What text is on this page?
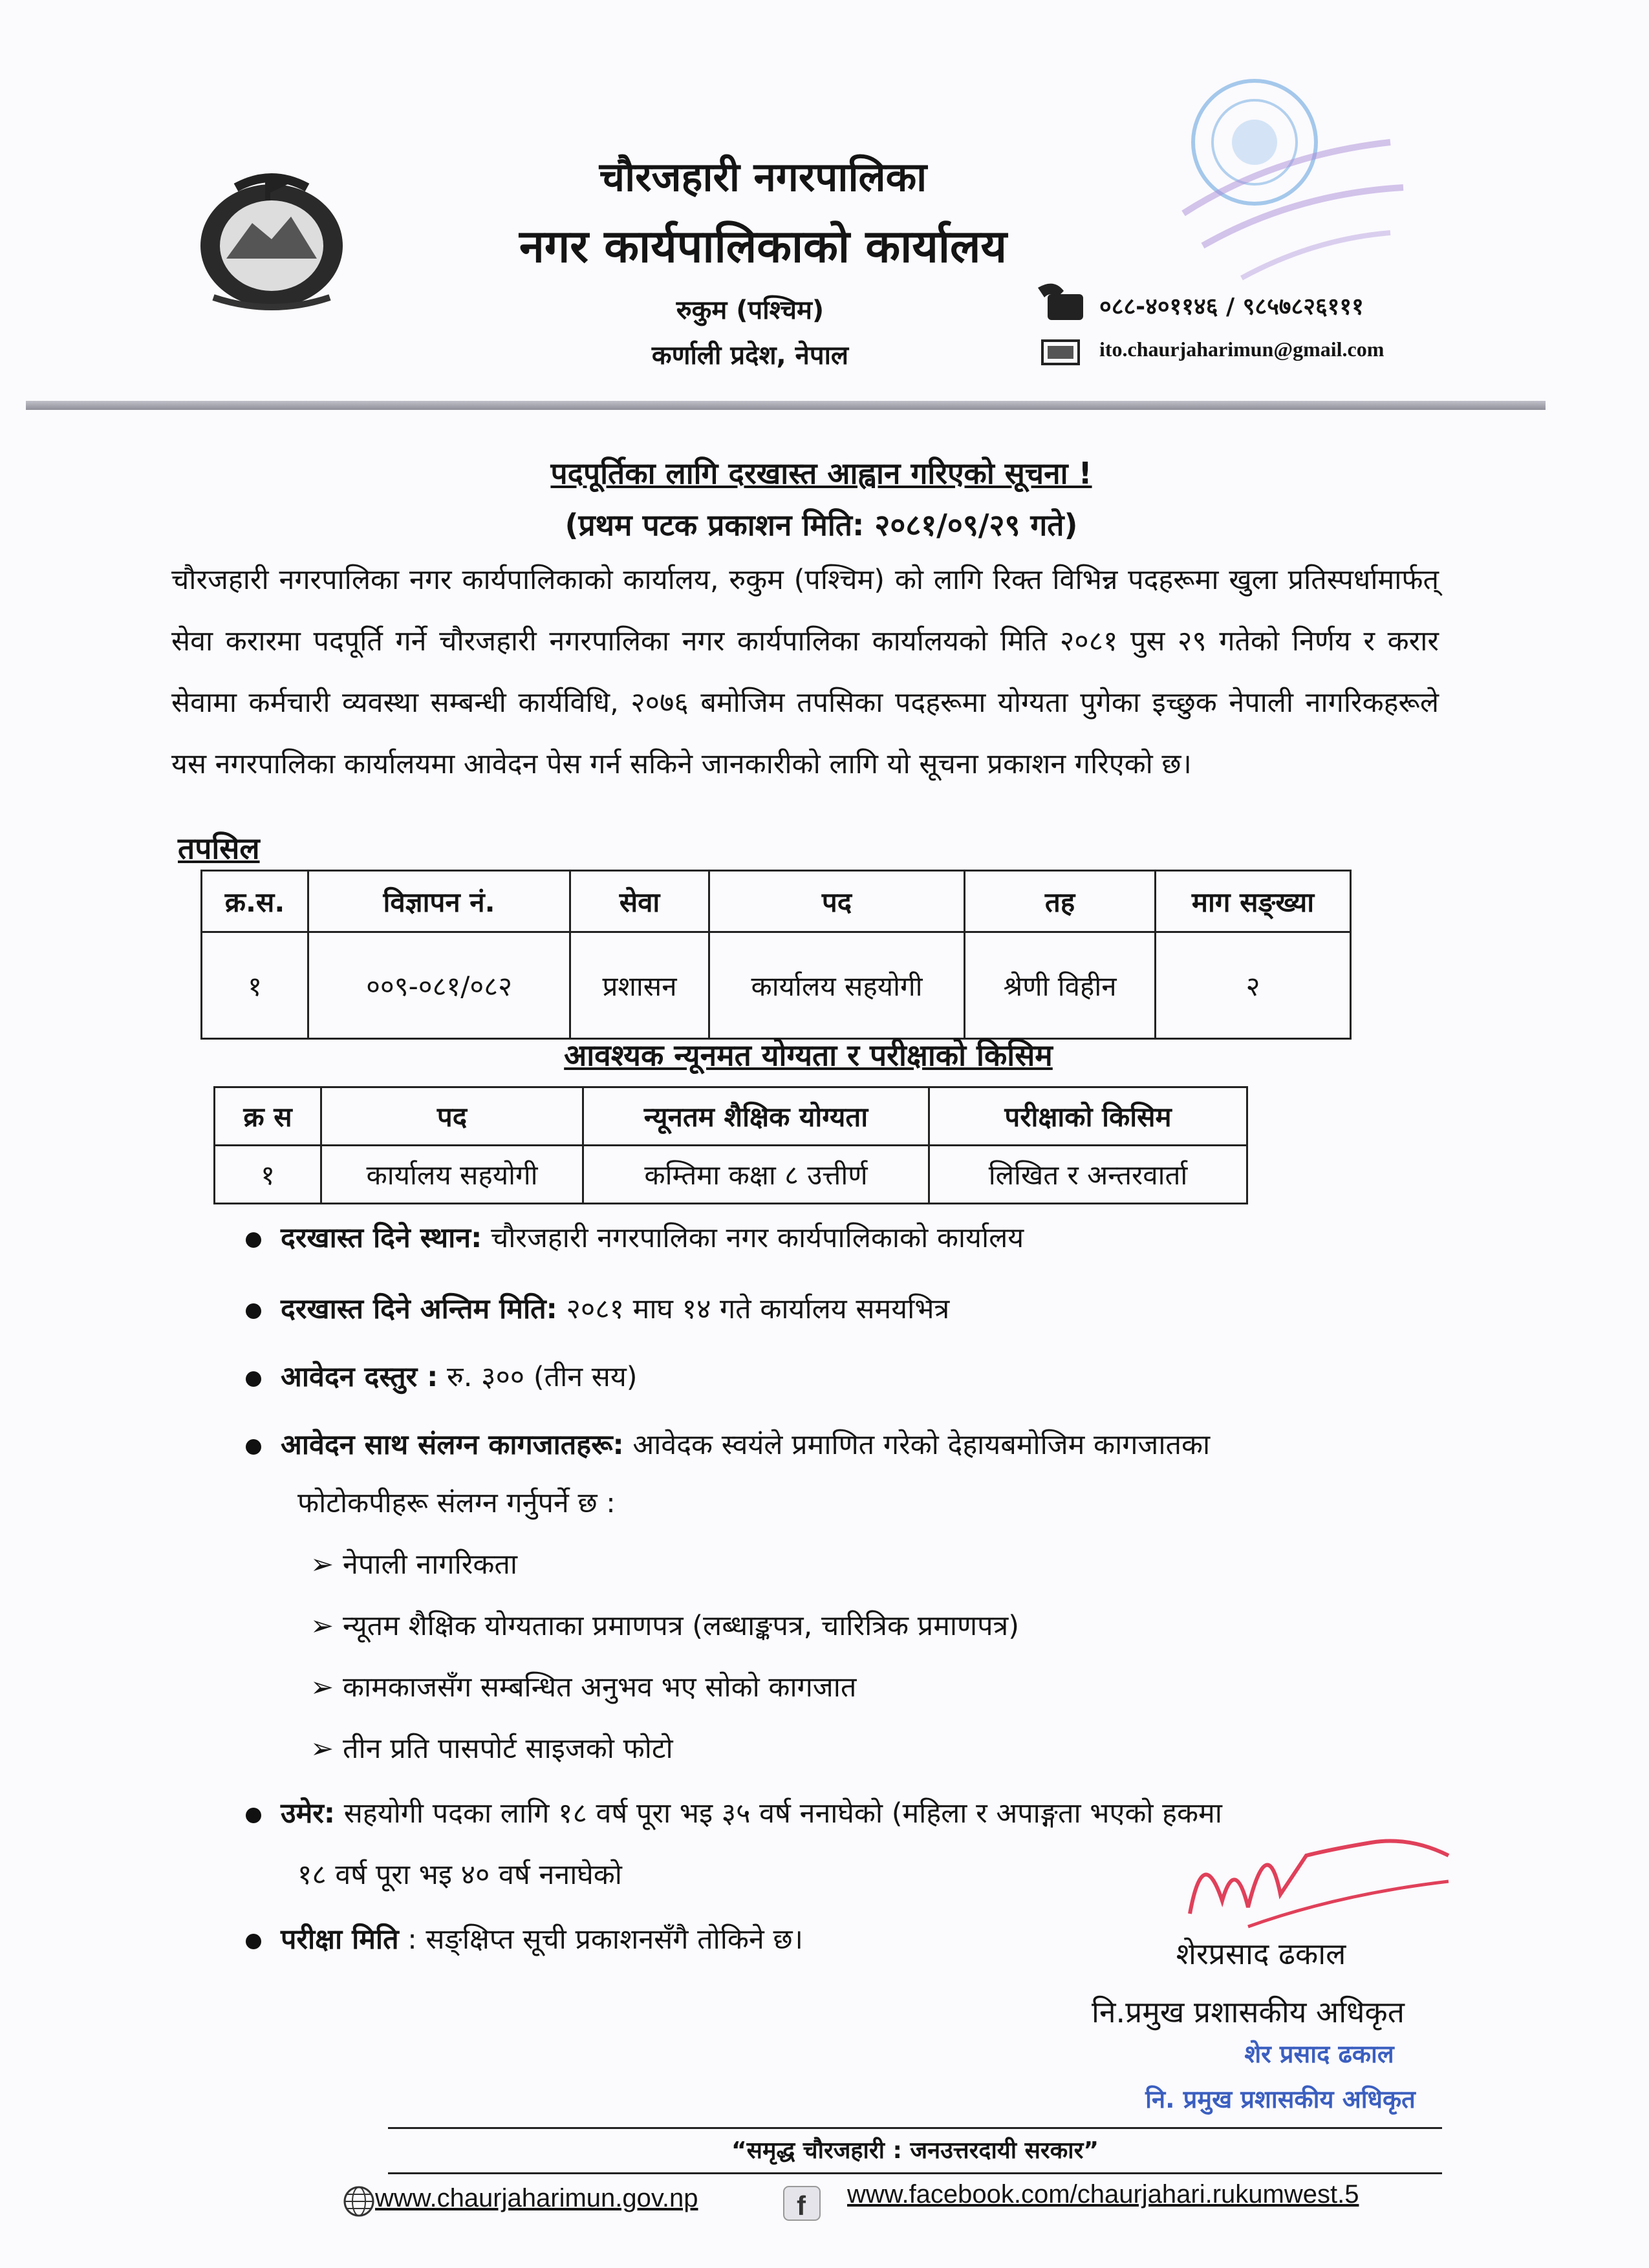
चौरजहारी नगरपालिका
नगर कार्यपालिकाको कार्यालय
रुकुम (पश्चिम)
कर्णाली प्रदेश, नेपाल
०८८-४०११४६ / ९८५७८२६१११
ito.chaurjaharimun@gmail.com
पदपूर्तिका लागि दरखास्त आह्वान गरिएको सूचना !
(प्रथम पटक प्रकाशन मिति: २०८१/०९/२९ गते)
चौरजहारी नगरपालिका नगर कार्यपालिकाको कार्यालय, रुकुम (पश्चिम) को लागि रिक्त विभिन्न पदहरूमा खुला प्रतिस्पर्धामार्फत् सेवा करारमा पदपूर्ति गर्ने चौरजहारी नगरपालिका नगर कार्यपालिका कार्यालयको मिति २०८१ पुस २९ गतेको निर्णय र करार सेवामा कर्मचारी व्यवस्था सम्बन्धी कार्यविधि, २०७६ बमोजिम तपसिका पदहरूमा योग्यता पुगेका इच्छुक नेपाली नागरिकहरूले यस नगरपालिका कार्यालयमा आवेदन पेस गर्न सकिने जानकारीको लागि यो सूचना प्रकाशन गरिएको छ।
तपसिल
क्र.स.	विज्ञापन नं.	सेवा	पद	तह	माग सङ्ख्या
१	००९-०८१/०८२	प्रशासन	कार्यालय सहयोगी	श्रेणी विहीन	२
आवश्यक न्यूनमत योग्यता र परीक्षाको किसिम
क्र स	पद	न्यूनतम शैक्षिक योग्यता	परीक्षाको किसिम
१	कार्यालय सहयोगी	कम्तिमा कक्षा ८ उत्तीर्ण	लिखित र अन्तरवार्ता
दरखास्त दिने स्थान: चौरजहारी नगरपालिका नगर कार्यपालिकाको कार्यालय
दरखास्त दिने अन्तिम मिति: २०८१ माघ १४ गते कार्यालय समयभित्र
आवेदन दस्तुर : रु. ३०० (तीन सय)
आवेदन साथ संलग्न कागजातहरू: आवेदक स्वयंले प्रमाणित गरेको देहायबमोजिम कागजातका
फोटोकपीहरू संलग्न गर्नुपर्ने छ :
➢ नेपाली नागरिकता
➢ न्यूतम शैक्षिक योग्यताका प्रमाणपत्र (लब्धाङ्कपत्र, चारित्रिक प्रमाणपत्र)
➢ कामकाजसँग सम्बन्धित अनुभव भए सोको कागजात
➢ तीन प्रति पासपोर्ट साइजको फोटो
उमेर: सहयोगी पदका लागि १८ वर्ष पूरा भइ ३५ वर्ष ननाघेको (महिला र अपाङ्गता भएको हकमा
१८ वर्ष पूरा भइ ४० वर्ष ननाघेको
परीक्षा मिति : सङ्क्षिप्त सूची प्रकाशनसँगै तोकिने छ।	शेरप्रसाद ढकाल
नि.प्रमुख प्रशासकीय अधिकृत
शेर प्रसाद ढकाल
नि. प्रमुख प्रशासकीय अधिकृत
“समृद्ध चौरजहारी : जनउत्तरदायी सरकार”
www.chaurjaharimun.gov.np	f www.facebook.com/chaurjahari.rukumwest.5
